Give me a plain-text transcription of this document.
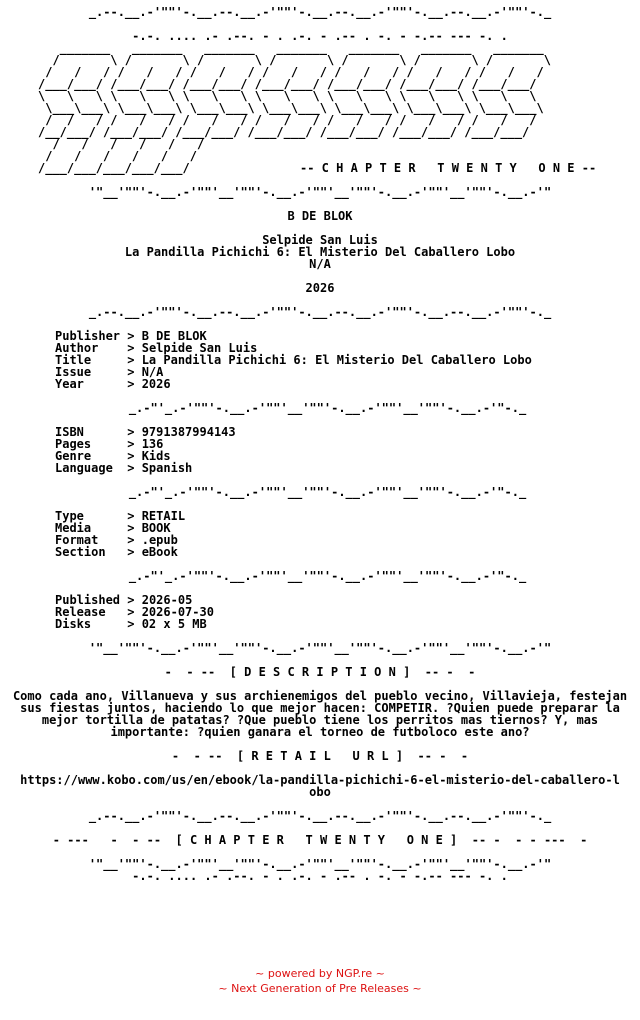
_.--.__.-'""'-.__.--.__.-'""'-.__.--.__.-'""'-.__.--.__.-'""'-._

-.-. .... .- .--. - . .-. - .-- . -. - -.-- --- -. .

_______   _______   _______   _______   _______   _______   _______
/       \ /       \ /       \ /       \ /       \ /       \ /       \
/   /   / /   /   / /   /   / /   /   / /   /   / /   /   / /   /   /
/___/___/ /___/___/ /___/___/ /___/___/ /___/___/ /___/___/ /___/___/
\   \   \ \   \   \ \   \   \ \   \   \ \   \   \ \   \   \ \   \   \
\___\___\ \___\___\ \___\___\ \___\___\ \___\___\ \___\___\ \___\___\
/  /   / /   /   / /   /   / /   /   / /   /   / /   /   / /   /   /
/__/___/ /___/___/ /___/___/ /___/___/ /___/___/ /___/___/ /___/___/
/   /   /   /   /   /
/   /   /   /   /   /
/___/___/___/___/___/	-- C H A P T E R   T W E N T Y   O N E --

'"__'""'-.__.-'""'__'""'-.__.-'""'__'""'-.__.-'""'__'""'-.__.-'"

B DE BLOK

Selpide San Luis

La Pandilla Pichichi 6: El Misterio Del Caballero Lobo

N/A

2026

_.--.__.-'""'-.__.--.__.-'""'-.__.--.__.-'""'-.__.--.__.-'""'-._

Publisher > B DE BLOK

Author    > Selpide San Luis

Title     > La Pandilla Pichichi 6: El Misterio Del Caballero Lobo

Issue     > N/A

Year      > 2026

_.-"'_.-'""'-.__.-'""'__'""'-.__.-'""'__'""'-.__.-'"-._

ISBN      > 9791387994143

Pages     > 136

Genre     > Kids

Language  > Spanish

_.-"'_.-'""'-.__.-'""'__'""'-.__.-'""'__'""'-.__.-'"-._

Type      > RETAIL

Media     > BOOK

Format    > .epub

Section   > eBook

_.-"'_.-'""'-.__.-'""'__'""'-.__.-'""'__'""'-.__.-'"-._

Published > 2026-05

Release   > 2026-07-30

Disks     > 02 x 5 MB

'"__'""'-.__.-'""'__'""'-.__.-'""'__'""'-.__.-'""'__'""'-.__.-'"

-  - --  [ D E S C R I P T I O N ]  -- -  -

Como cada ano, Villanueva y sus archienemigos del pueblo vecino, Villavieja, festejan sus fiestas juntos, haciendo lo que mejor hacen: COMPETIR. ?Quien puede preparar la mejor tortilla de patatas? ?Que pueblo tiene los perritos mas tiernos? Y, mas importante: ?quien ganara el torneo de futboloco este ano?

-  - --  [ R E T A I L   U R L ]  -- -  -

https://www.kobo.com/us/en/ebook/la-pandilla-pichichi-6-el-misterio-del-caballero-lobo

_.--.__.-'""'-.__.--.__.-'""'-.__.--.__.-'""'-.__.--.__.-'""'-._

- ---   -  - --  [ C H A P T E R   T W E N T Y   O N E ]  -- -  - - ---  -

'"__'""'-.__.-'""'__'""'-.__.-'""'__'""'-.__.-'""'__'""'-.__.-'"

-.-. .... .- .--. - . .-. - .-- . -. - -.-- --- -. .

~ powered by NGP.re ~
~ Next Generation of Pre Releases ~
